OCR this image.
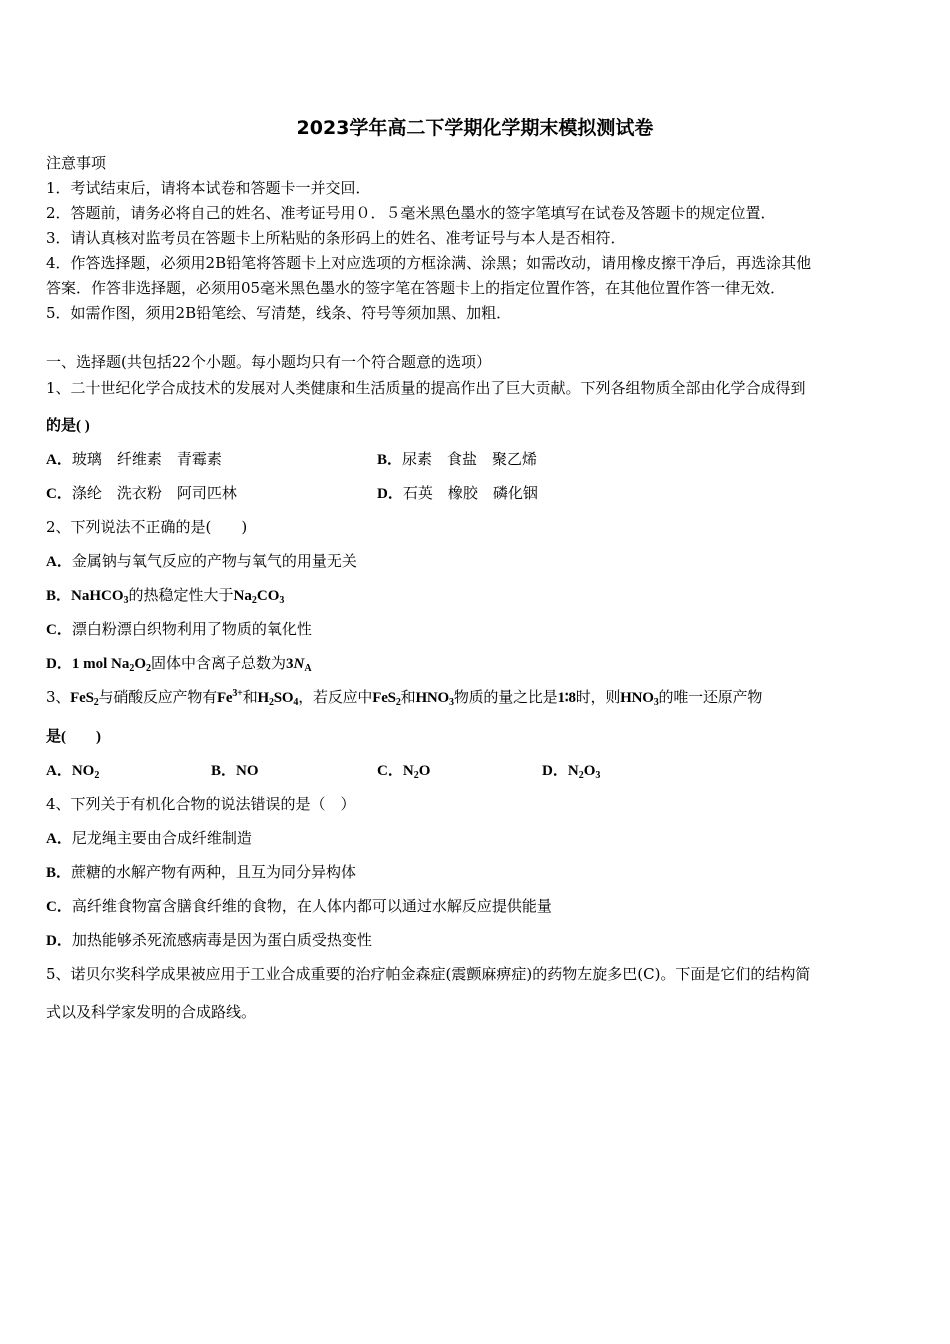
2023学年高二下学期化学期末模拟测试卷
注意事项
1．考试结束后，请将本试卷和答题卡一并交回．
2．答题前，请务必将自己的姓名、准考证号用０．５毫米黑色墨水的签字笔填写在试卷及答题卡的规定位置．
3．请认真核对监考员在答题卡上所粘贴的条形码上的姓名、准考证号与本人是否相符．
4．作答选择题，必须用2B铅笔将答题卡上对应选项的方框涂满、涂黑；如需改动，请用橡皮擦干净后，再选涂其他
答案．作答非选择题，必须用05毫米黑色墨水的签字笔在答题卡上的指定位置作答，在其他位置作答一律无效．
5．如需作图，须用2B铅笔绘、写清楚，线条、符号等须加黑、加粗．
一、选择题(共包括22个小题。每小题均只有一个符合题意的选项）
1、二十世纪化学合成技术的发展对人类健康和生活质量的提高作出了巨大贡献。下列各组物质全部由化学合成得到
的是( )
A．玻璃　纤维素　青霉素	B．尿素　食盐　聚乙烯
C．涤纶　洗衣粉　阿司匹林	D．石英　橡胶　磷化铟
2、下列说法不正确的是(　　)
A．金属钠与氧气反应的产物与氧气的用量无关
B．NaHCO$_3$的热稳定性大于$Na_2CO_3$
C．漂白粉漂白织物利用了物质的氧化性
D．1 mol $Na_2O_2$固体中含离子总数为$3N_A$
3、FeS$_2$与硝酸反应产物有$Fe^{3+}$和$H_2SO_4$，若反应中FeS$_2$和$HNO_3$物质的量之比是1∶8时，则$HNO_3$的唯一还原产物
是(　　)
A．$NO_2$	B．NO	C．$N_2O$	D．$N_2O_3$
4、下列关于有机化合物的说法错误的是（　）
A．尼龙绳主要由合成纤维制造
B．蔗糖的水解产物有两种，且互为同分异构体
C．高纤维食物富含膳食纤维的食物，在人体内都可以通过水解反应提供能量
D．加热能够杀死流感病毒是因为蛋白质受热变性
5、诺贝尔奖科学成果被应用于工业合成重要的治疗帕金森症(震颤麻痹症)的药物左旋多巴(C)。下面是它们的结构简
式以及科学家发明的合成路线。
